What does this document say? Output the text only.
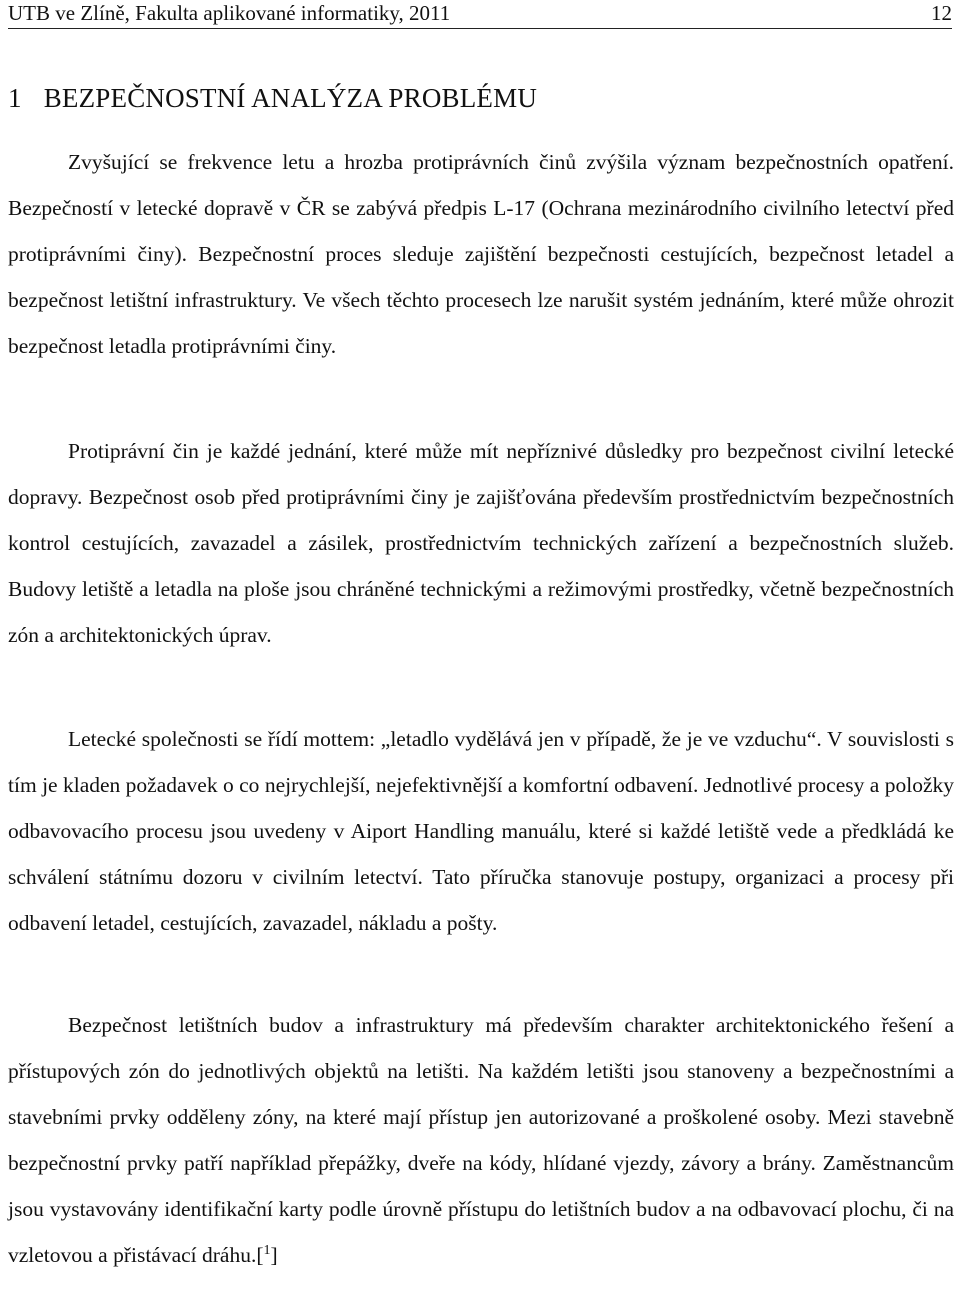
UTB ve Zlíně, Fakulta aplikované informatiky, 2011	12
1 BEZPEČNOSTNÍ ANALÝZA PROBLÉMU

Zvyšující se frekvence letu a hrozba protiprávních činů zvýšila význam bezpečnostních opatření. Bezpečností v letecké dopravě v ČR se zabývá předpis L-17 (Ochrana mezinárodního civilního letectví před protiprávními činy). Bezpečnostní proces sleduje zajištění bezpečnosti cestujících, bezpečnost letadel a bezpečnost letištní infrastruktury. Ve všech těchto procesech lze narušit systém jednáním, které může ohrozit bezpečnost letadla protiprávními činy.

Protiprávní čin je každé jednání, které může mít nepříznivé důsledky pro bezpečnost civilní letecké dopravy. Bezpečnost osob před protiprávními činy je zajišťována především prostřednictvím bezpečnostních kontrol cestujících, zavazadel a zásilek, prostřednictvím technických zařízení a bezpečnostních služeb. Budovy letiště a letadla na ploše jsou chráněné technickými a režimovými prostředky, včetně bezpečnostních zón a architektonických úprav.

Letecké společnosti se řídí mottem: „letadlo vydělává jen v případě, že je ve vzduchu“. V souvislosti s tím je kladen požadavek o co nejrychlejší, nejefektivnější a komfortní odbavení. Jednotlivé procesy a položky odbavovacího procesu jsou uvedeny v Aiport Handling manuálu, které si každé letiště vede a předkládá ke schválení státnímu dozoru v civilním letectví. Tato příručka stanovuje postupy, organizaci a procesy při odbavení letadel, cestujících, zavazadel, nákladu a pošty.

Bezpečnost letištních budov a infrastruktury má především charakter architektonického řešení a přístupových zón do jednotlivých objektů na letišti. Na každém letišti jsou stanoveny a bezpečnostními a stavebními prvky odděleny zóny, na které mají přístup jen autorizované a proškolené osoby. Mezi stavebně bezpečnostní prvky patří například přepážky, dveře na kódy, hlídané vjezdy, závory a brány. Zaměstnancům jsou vystavovány identifikační karty podle úrovně přístupu do letištních budov a na odbavovací plochu, či na vzletovou a přistávací dráhu.[$^1$]
